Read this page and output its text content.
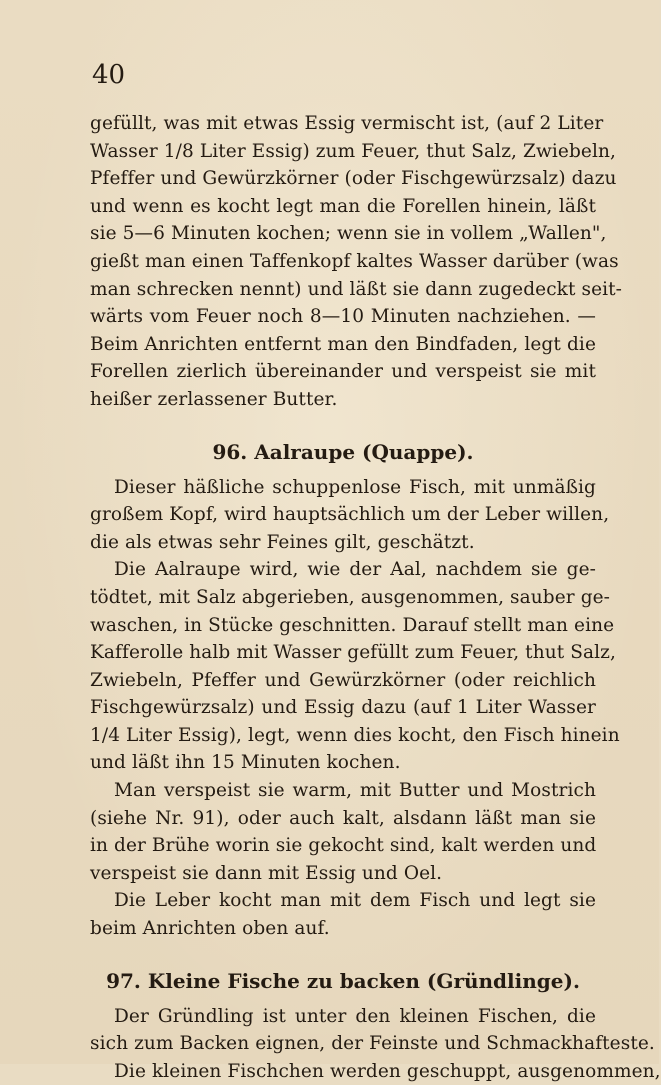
40
gefüllt, was mit etwas Essig vermischt ist, (auf 2 Liter
Wasser 1/8 Liter Essig) zum Feuer, thut Salz, Zwiebeln,
Pfeffer und Gewürzkörner (oder Fischgewürzsalz) dazu
und wenn es kocht legt man die Forellen hinein, läßt
sie 5—6 Minuten kochen; wenn sie in vollem „Wallen",
gießt man einen Taffenkopf kaltes Wasser darüber (was
man schrecken nennt) und läßt sie dann zugedeckt seit-
wärts vom Feuer noch 8—10 Minuten nachziehen. —
Beim Anrichten entfernt man den Bindfaden, legt die
Forellen zierlich übereinander und verspeist sie mit
heißer zerlassener Butter.
96. Aalraupe (Quappe).
Dieser häßliche schuppenlose Fisch, mit unmäßig
großem Kopf, wird hauptsächlich um der Leber willen,
die als etwas sehr Feines gilt, geschätzt.
Die Aalraupe wird, wie der Aal, nachdem sie ge-
tödtet, mit Salz abgerieben, ausgenommen, sauber ge-
waschen, in Stücke geschnitten. Darauf stellt man eine
Kafferolle halb mit Wasser gefüllt zum Feuer, thut Salz,
Zwiebeln, Pfeffer und Gewürzkörner (oder reichlich
Fischgewürzsalz) und Essig dazu (auf 1 Liter Wasser
1/4 Liter Essig), legt, wenn dies kocht, den Fisch hinein
und läßt ihn 15 Minuten kochen.
Man verspeist sie warm, mit Butter und Mostrich
(siehe Nr. 91), oder auch kalt, alsdann läßt man sie
in der Brühe worin sie gekocht sind, kalt werden und
verspeist sie dann mit Essig und Oel.
Die Leber kocht man mit dem Fisch und legt sie
beim Anrichten oben auf.
97. Kleine Fische zu backen (Gründlinge).
Der Gründling ist unter den kleinen Fischen, die
sich zum Backen eignen, der Feinste und Schmackhafteste.
Die kleinen Fischchen werden geschuppt, ausgenommen,
